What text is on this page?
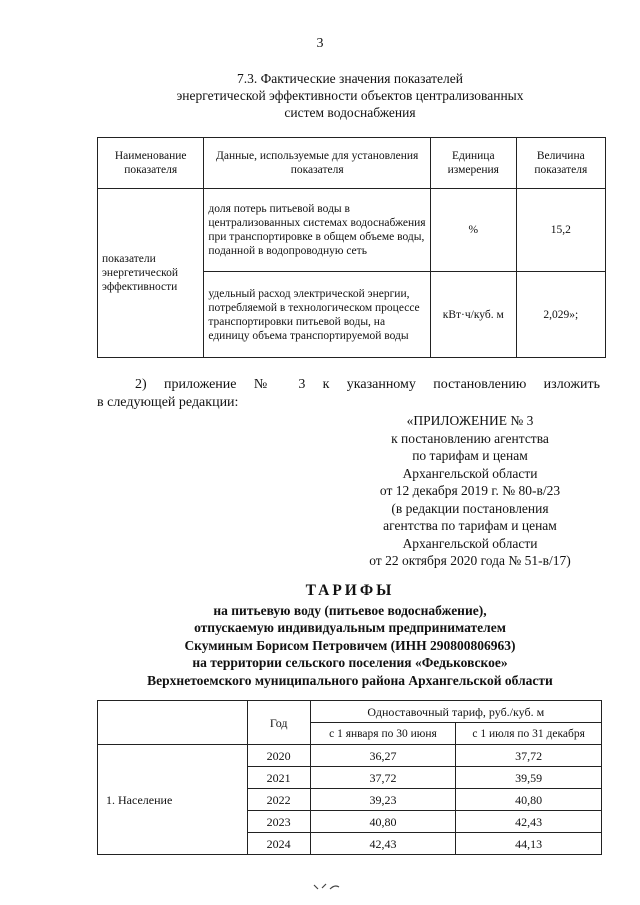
3
7.3. Фактические значения показателей
энергетической эффективности объектов централизованных
систем водоснабжения
Наименование показателя	Данные, используемые для установления показателя	Единица измерения	Величина показателя
показатели энергетической эффективности	доля потерь питьевой воды в централизованных системах водоснабжения при транспортировке в общем объеме воды, поданной в водопроводную сеть	%	15,2
	удельный расход электрической энергии, потребляемой в технологическом процессе транспортировки питьевой воды, на единицу объема транспортируемой воды	кВт·ч/куб. м	2,029»;
2) приложение № 3 к указанному постановлению изложить
в следующей редакции:
«ПРИЛОЖЕНИЕ № 3
к постановлению агентства
по тарифам и ценам
Архангельской области
от 12 декабря 2019 г. № 80-в/23
(в редакции постановления
агентства по тарифам и ценам
Архангельской области
от 22 октября 2020 года № 51-в/17)
ТАРИФЫ
на питьевую воду (питьевое водоснабжение),
отпускаемую индивидуальным предпринимателем
Скуминым Борисом Петровичем (ИНН 290800806963)
на территории сельского поселения «Федьковское»
Верхнетоемского муниципального района Архангельской области
	Год	Одноставочный тариф, руб./куб. м	
		с 1 января по 30 июня	с 1 июля по 31 декабря
1. Население	2020	36,27	37,72
	2021	37,72	39,59
	2022	39,23	40,80
	2023	40,80	42,43
	2024	42,43	44,13
